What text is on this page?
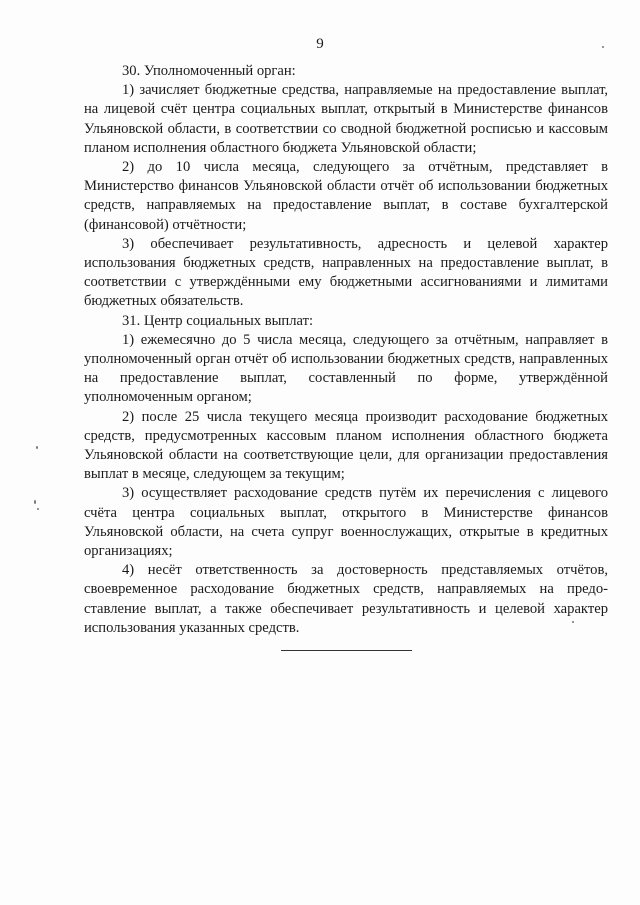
9

30. Уполномоченный орган:

1) зачисляет бюджетные средства, направляемые на предоставление выплат, на лицевой счёт центра социальных выплат, открытый в Министерстве финансов Ульяновской области, в соответствии со сводной бюджетной росписью и кассовым планом исполнения областного бюджета Ульяновской области;

2) до 10 числа месяца, следующего за отчётным, представляет в Министерство финансов Ульяновской области отчёт об использовании бюджетных средств, направляемых на предоставление выплат, в составе бухгалтерской (финансовой) отчётности;

3) обеспечивает результативность, адресность и целевой характер использования бюджетных средств, направленных на предоставление выплат, в соответствии с утверждёнными ему бюджетными ассигнованиями и лимитами бюджетных обязательств.

31. Центр социальных выплат:

1) ежемесячно до 5 числа месяца, следующего за отчётным, направляет в уполномоченный орган отчёт об использовании бюджетных средств, направленных на предоставление выплат, составленный по форме, утверждённой уполномоченным органом;

2) после 25 числа текущего месяца производит расходование бюджетных средств, предусмотренных кассовым планом исполнения областного бюджета Ульяновской области на соответствующие цели, для организации предоставления выплат в месяце, следующем за текущим;

3) осуществляет расходование средств путём их перечисления с лицевого счёта центра социальных выплат, открытого в Министерстве финансов Ульяновской области, на счета супруг военнослужащих, открытые в кредитных организациях;

4) несёт ответственность за достоверность представляемых отчётов, своевременное расходование бюджетных средств, направляемых на предоставление выплат, а также обеспечивает результативность и целевой характер использования указанных средств.
